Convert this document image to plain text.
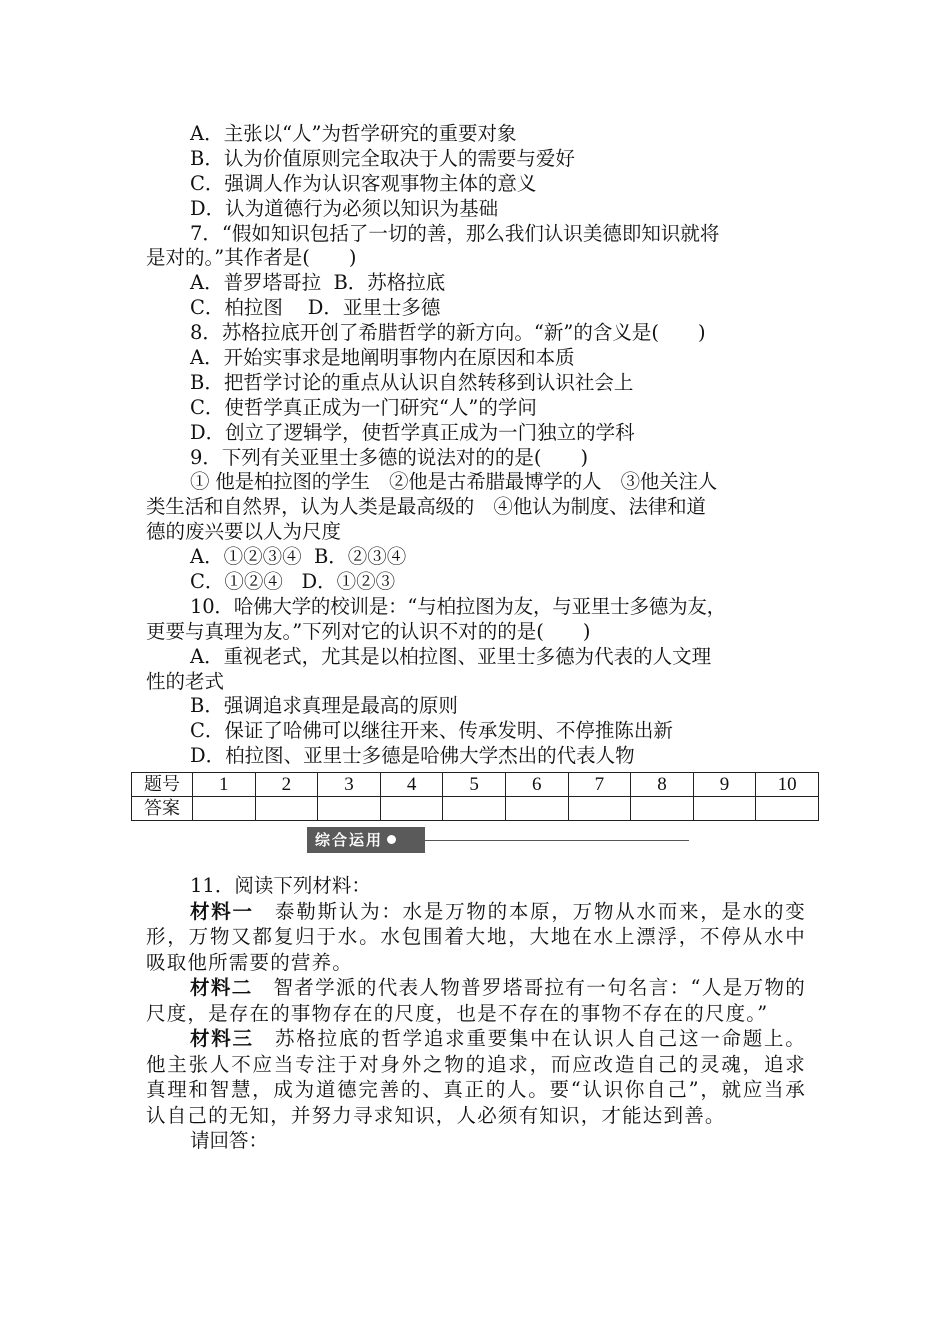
A．主张以“人”为哲学研究的重要对象
B．认为价值原则完全取决于人的需要与爱好
C．强调人作为认识客观事物主体的意义
D．认为道德行为必须以知识为基础
7．“假如知识包括了一切的善，那么我们认识美德即知识就将
是对的。”其作者是(　　)
A．普罗塔哥拉  B．苏格拉底
C．柏拉图    D．亚里士多德
8．苏格拉底开创了希腊哲学的新方向。“新”的含义是(　　)
A．开始实事求是地阐明事物内在原因和本质
B．把哲学讨论的重点从认识自然转移到认识社会上
C．使哲学真正成为一门研究“人”的学问
D．创立了逻辑学，使哲学真正成为一门独立的学科
9．下列有关亚里士多德的说法对的的是(　　)
① 他是柏拉图的学生　②他是古希腊最博学的人　③他关注人
类生活和自然界，认为人类是最高级的　④他认为制度、法律和道
德的废兴要以人为尺度
A．①②③④  B．②③④
C．①②④   D．①②③
10．哈佛大学的校训是：“与柏拉图为友，与亚里士多德为友，
更要与真理为友。”下列对它的认识不对的的是(　　)
A．重视老式，尤其是以柏拉图、亚里士多德为代表的人文理
性的老式
B．强调追求真理是最高的原则
C．保证了哈佛可以继往开来、传承发明、不停推陈出新
D．柏拉图、亚里士多德是哈佛大学杰出的代表人物
题号	1	2	3	4	5	6	7	8	9	10
答案										
综合运用
11．阅读下列材料：
材料一　 泰勒斯认为：水是万物的本原，万物从水而来，是水的变形，万物又都复归于水。水包围着大地，大地在水上漂浮，不停从水中吸取他所需要的营养。
材料二　 智者学派的代表人物普罗塔哥拉有一句名言：“人是万物的尺度，是存在的事物存在的尺度，也是不存在的事物不存在的尺度。”
材料三　 苏格拉底的哲学追求重要集中在认识人自己这一命题上。他主张人不应当专注于对身外之物的追求，而应改造自己的灵魂，追求真理和智慧，成为道德完善的、真正的人。要“认识你自己”，就应当承认自己的无知，并努力寻求知识，人必须有知识，才能达到善。
请回答：
